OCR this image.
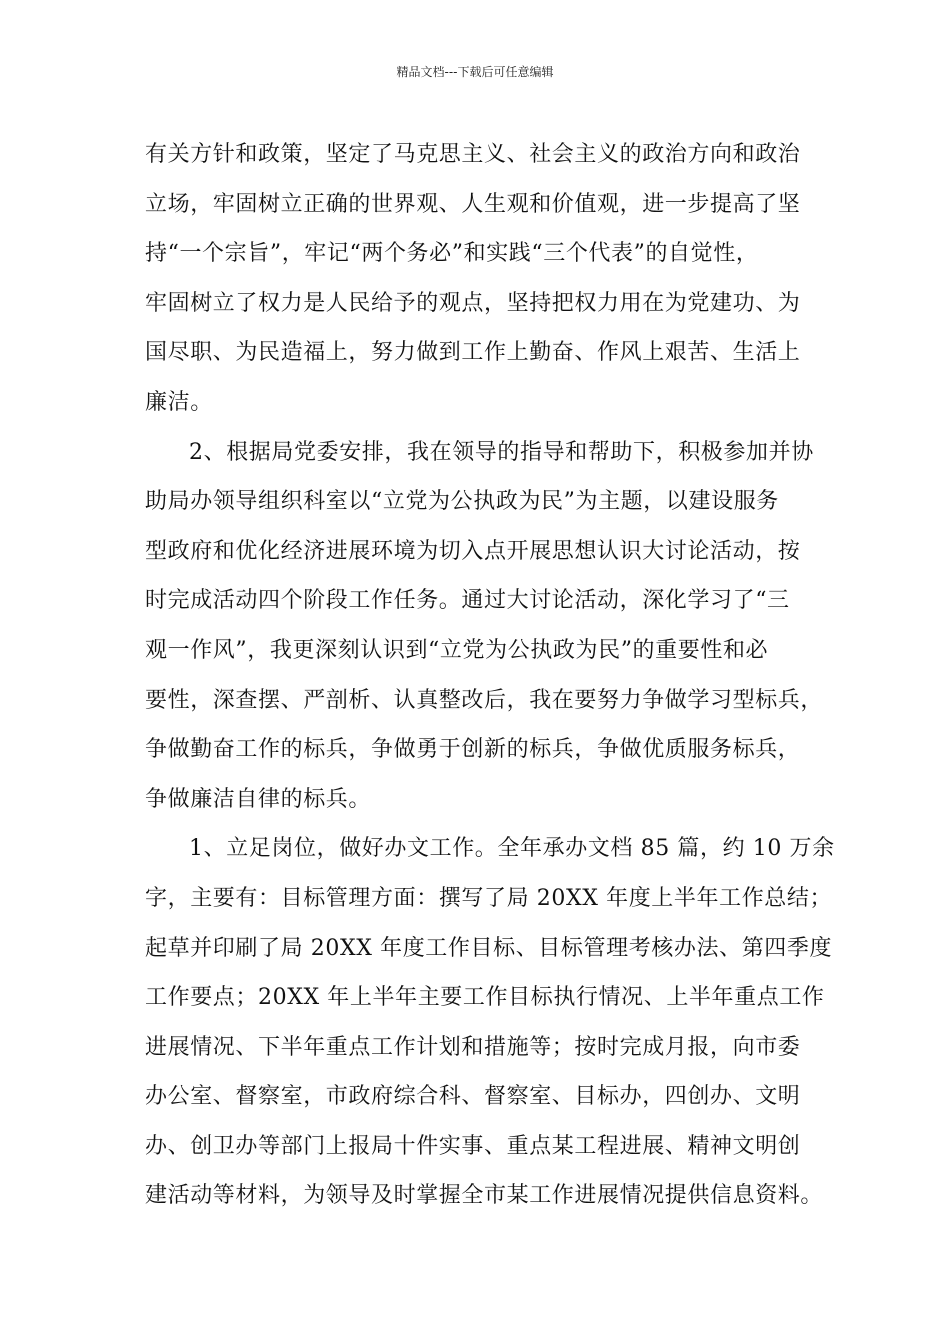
精品文档---下载后可任意编辑
有关方针和政策，坚定了马克思主义、社会主义的政治方向和政治
立场，牢固树立正确的世界观、人生观和价值观，进一步提高了坚
持“一个宗旨”，牢记“两个务必”和实践“三个代表”的自觉性，
牢固树立了权力是人民给予的观点，坚持把权力用在为党建功、为
国尽职、为民造福上，努力做到工作上勤奋、作风上艰苦、生活上
廉洁。
2、根据局党委安排，我在领导的指导和帮助下，积极参加并协
助局办领导组织科室以“立党为公执政为民”为主题，以建设服务
型政府和优化经济进展环境为切入点开展思想认识大讨论活动，按
时完成活动四个阶段工作任务。通过大讨论活动，深化学习了“三
观一作风”，我更深刻认识到“立党为公执政为民”的重要性和必
要性，深查摆、严剖析、认真整改后，我在要努力争做学习型标兵，
争做勤奋工作的标兵，争做勇于创新的标兵，争做优质服务标兵，
争做廉洁自律的标兵。
1、立足岗位，做好办文工作。全年承办文档 85 篇，约 10 万余
字，主要有：目标管理方面：撰写了局 20XX 年度上半年工作总结；
起草并印刷了局 20XX 年度工作目标、目标管理考核办法、第四季度
工作要点；20XX 年上半年主要工作目标执行情况、上半年重点工作
进展情况、下半年重点工作计划和措施等；按时完成月报，向市委
办公室、督察室，市政府综合科、督察室、目标办，四创办、文明
办、创卫办等部门上报局十件实事、重点某工程进展、精神文明创
建活动等材料，为领导及时掌握全市某工作进展情况提供信息资料。
